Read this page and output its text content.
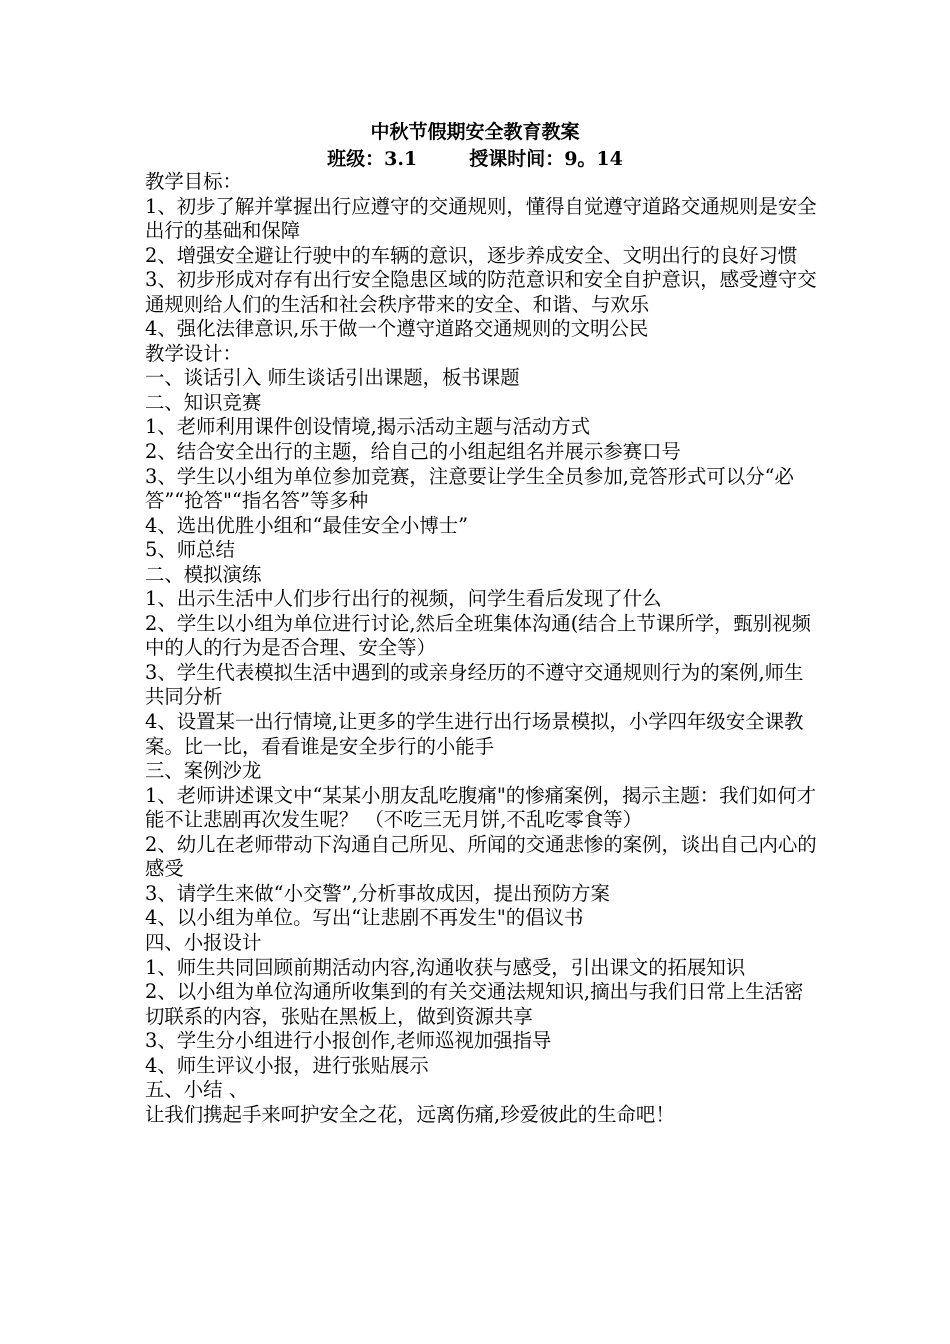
中秋节假期安全教育教案
班级：3.1	授课时间：9。14

教学目标：

1、初步了解并掌握出行应遵守的交通规则，懂得自觉遵守道路交通规则是安全出行的基础和保障

2、增强安全避让行驶中的车辆的意识，逐步养成安全、文明出行的良好习惯

3、初步形成对存有出行安全隐患区域的防范意识和安全自护意识，感受遵守交通规则给人们的生活和社会秩序带来的安全、和谐、与欢乐

4、强化法律意识,乐于做一个遵守道路交通规则的文明公民

教学设计：

一、谈话引入 师生谈话引出课题，板书课题

二、知识竞赛

1、老师利用课件创设情境,揭示活动主题与活动方式

2、结合安全出行的主题，给自己的小组起组名并展示参赛口号

3、学生以小组为单位参加竞赛，注意要让学生全员参加,竞答形式可以分“必答”“抢答"“指名答”等多种

4、选出优胜小组和“最佳安全小博士”

5、师总结

二、模拟演练

1、出示生活中人们步行出行的视频，问学生看后发现了什么

2、学生以小组为单位进行讨论,然后全班集体沟通(结合上节课所学，甄别视频中的人的行为是否合理、安全等）

3、学生代表模拟生活中遇到的或亲身经历的不遵守交通规则行为的案例,师生共同分析

4、设置某一出行情境,让更多的学生进行出行场景模拟，小学四年级安全课教案。比一比，看看谁是安全步行的小能手

三、案例沙龙

1、老师讲述课文中“某某小朋友乱吃腹痛"的惨痛案例，揭示主题：我们如何才能不让悲剧再次发生呢？ （不吃三无月饼,不乱吃零食等）

2、幼儿在老师带动下沟通自己所见、所闻的交通悲惨的案例，谈出自己内心的感受

3、请学生来做“小交警”,分析事故成因，提出预防方案

4、以小组为单位。写出“让悲剧不再发生"的倡议书

四、小报设计

1、师生共同回顾前期活动内容,沟通收获与感受，引出课文的拓展知识

2、以小组为单位沟通所收集到的有关交通法规知识,摘出与我们日常上生活密切联系的内容，张贴在黑板上，做到资源共享

3、学生分小组进行小报创作,老师巡视加强指导

4、师生评议小报，进行张贴展示

五、小结 、

让我们携起手来呵护安全之花，远离伤痛,珍爱彼此的生命吧！
